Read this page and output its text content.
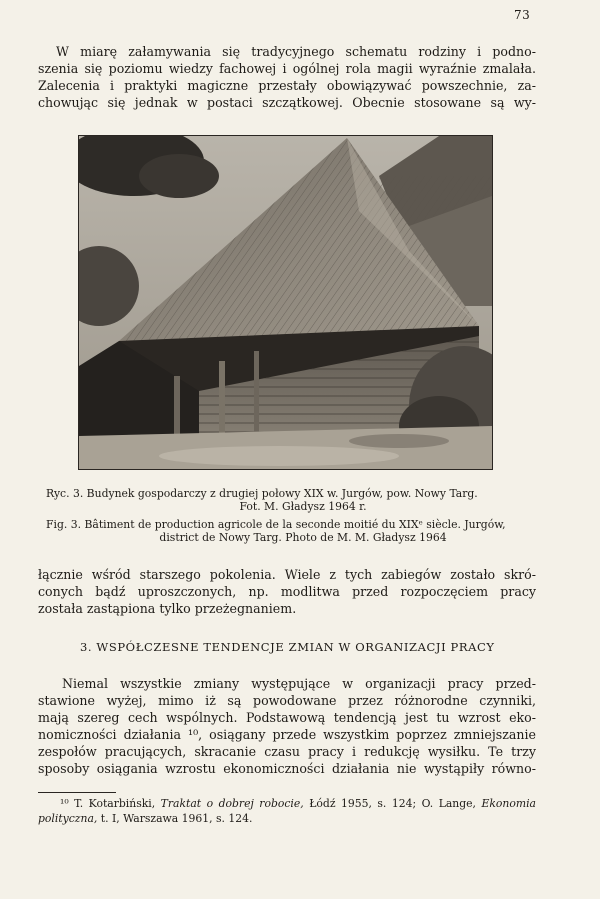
73
W miarę załamywania się tradycyjnego schematu rodziny i podno-
szenia się poziomu wiedzy fachowej i ogólnej rola magii wyraźnie zmalała.
Zalecenia i praktyki magiczne przestały obowiązywać powszechnie, za-
chowując się jednak w postaci szczątkowej. Obecnie stosowane są wy-
Ryc. 3. Budynek gospodarczy z drugiej połowy XIX w. Jurgów, pow. Nowy Targ.
Fot. M. Gładysz 1964 r.
Fig. 3. Bâtiment de production agricole de la seconde moitié du XIXᵉ siècle. Jurgów,
district de Nowy Targ. Photo de M. M. Gładysz 1964
łącznie wśród starszego pokolenia. Wiele z tych zabiegów zostało skró-
conych bądź uproszczonych, np. modlitwa przed rozpoczęciem pracy
została zastąpiona tylko przeżegnaniem.
3. WSPÓŁCZESNE TENDENCJE ZMIAN W ORGANIZACJI PRACY
Niemal wszystkie zmiany występujące w organizacji pracy przed-
stawione wyżej, mimo iż są powodowane przez różnorodne czynniki,
mają szereg cech wspólnych. Podstawową tendencją jest tu wzrost eko-
nomiczności działania ¹⁰, osiągany przede wszystkim poprzez zmniejszanie
zespołów pracujących, skracanie czasu pracy i redukcję wysiłku. Te trzy
sposoby osiągania wzrostu ekonomiczności działania nie wystąpiły równo-
¹⁰ T. Kotarbiński, Traktat o dobrej robocie, Łódź 1955, s. 124; O. Lange, Ekonomia
polityczna, t. I, Warszawa 1961, s. 124.
